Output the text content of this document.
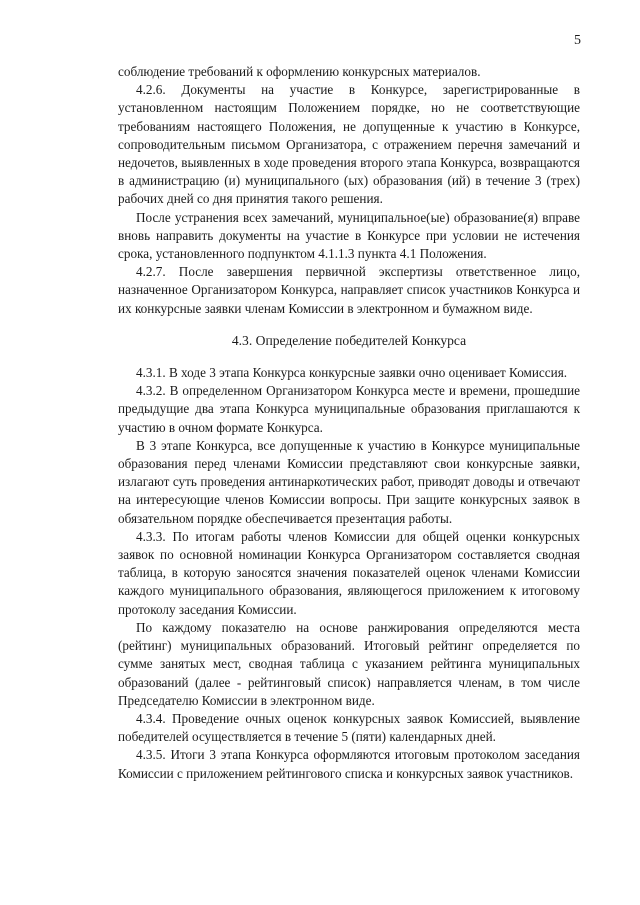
5

соблюдение требований к оформлению конкурсных материалов.

4.2.6. Документы на участие в Конкурсе, зарегистрированные в установленном настоящим Положением порядке, но не соответствующие требованиям настоящего Положения, не допущенные к участию в Конкурсе, сопроводительным письмом Организатора, с отражением перечня замечаний и недочетов, выявленных в ходе проведения второго этапа Конкурса, возвращаются в администрацию (и) муниципального (ых) образования (ий) в течение 3 (трех) рабочих дней со дня принятия такого решения.

После устранения всех замечаний, муниципальное(ые) образование(я) вправе вновь направить документы на участие в Конкурсе при условии не истечения срока, установленного подпунктом 4.1.1.3 пункта 4.1 Положения.

4.2.7. После завершения первичной экспертизы ответственное лицо, назначенное Организатором Конкурса, направляет список участников Конкурса и их конкурсные заявки членам Комиссии в электронном и бумажном виде.

4.3. Определение победителей Конкурса

4.3.1. В ходе 3 этапа Конкурса конкурсные заявки очно оценивает Комиссия.

4.3.2. В определенном Организатором Конкурса месте и времени, прошедшие предыдущие два этапа Конкурса муниципальные образования приглашаются к участию в очном формате Конкурса.

В 3 этапе Конкурса, все допущенные к участию в Конкурсе муниципальные образования перед членами Комиссии представляют свои конкурсные заявки, излагают суть проведения антинаркотических работ, приводят доводы и отвечают на интересующие членов Комиссии вопросы. При защите конкурсных заявок в обязательном порядке обеспечивается презентация работы.

4.3.3. По итогам работы членов Комиссии для общей оценки конкурсных заявок по основной номинации Конкурса Организатором составляется сводная таблица, в которую заносятся значения показателей оценок членами Комиссии каждого муниципального образования, являющегося приложением к итоговому протоколу заседания Комиссии.

По каждому показателю на основе ранжирования определяются места (рейтинг) муниципальных образований. Итоговый рейтинг определяется по сумме занятых мест, сводная таблица с указанием рейтинга муниципальных образований (далее - рейтинговый список) направляется членам, в том числе Председателю Комиссии в электронном виде.

4.3.4. Проведение очных оценок конкурсных заявок Комиссией, выявление победителей осуществляется в течение 5 (пяти) календарных дней.

4.3.5. Итоги 3 этапа Конкурса оформляются итоговым протоколом заседания Комиссии с приложением рейтингового списка и конкурсных заявок участников.
